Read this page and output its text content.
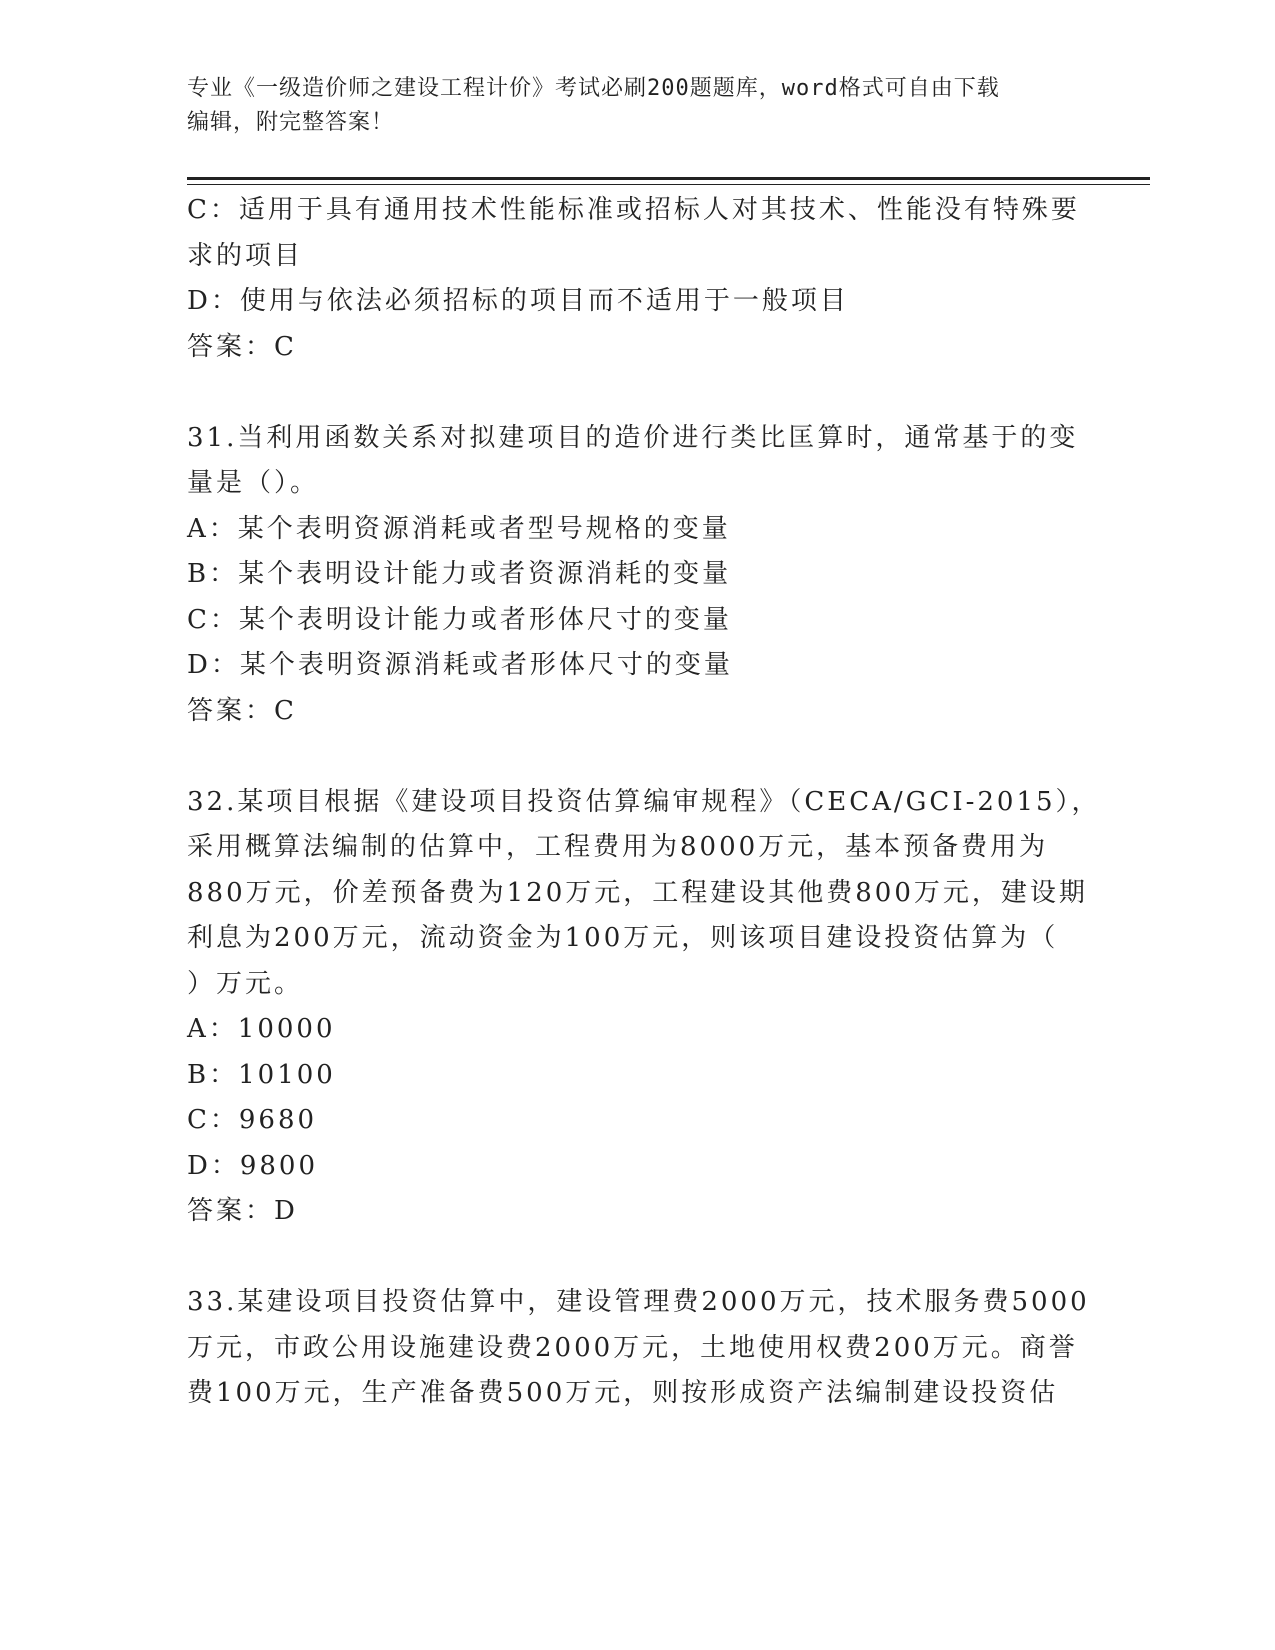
专业《一级造价师之建设工程计价》考试必刷200题题库，word格式可自由下载
编辑，附完整答案！
C：适用于具有通用技术性能标准或招标人对其技术、性能没有特殊要
求的项目
D：使用与依法必须招标的项目而不适用于一般项目
答案：C
31.当利用函数关系对拟建项目的造价进行类比匡算时，通常基于的变
量是（）。
A：某个表明资源消耗或者型号规格的变量
B：某个表明设计能力或者资源消耗的变量
C：某个表明设计能力或者形体尺寸的变量
D：某个表明资源消耗或者形体尺寸的变量
答案：C
32.某项目根据《建设项目投资估算编审规程》（CECA/GCI-2015），
采用概算法编制的估算中，工程费用为8000万元，基本预备费用为
880万元，价差预备费为120万元，工程建设其他费800万元，建设期
利息为200万元，流动资金为100万元，则该项目建设投资估算为（
）万元。
A：10000
B：10100
C：9680
D：9800
答案：D
33.某建设项目投资估算中，建设管理费2000万元，技术服务费5000
万元，市政公用设施建设费2000万元，土地使用权费200万元。商誉
费100万元，生产准备费500万元，则按形成资产法编制建设投资估
